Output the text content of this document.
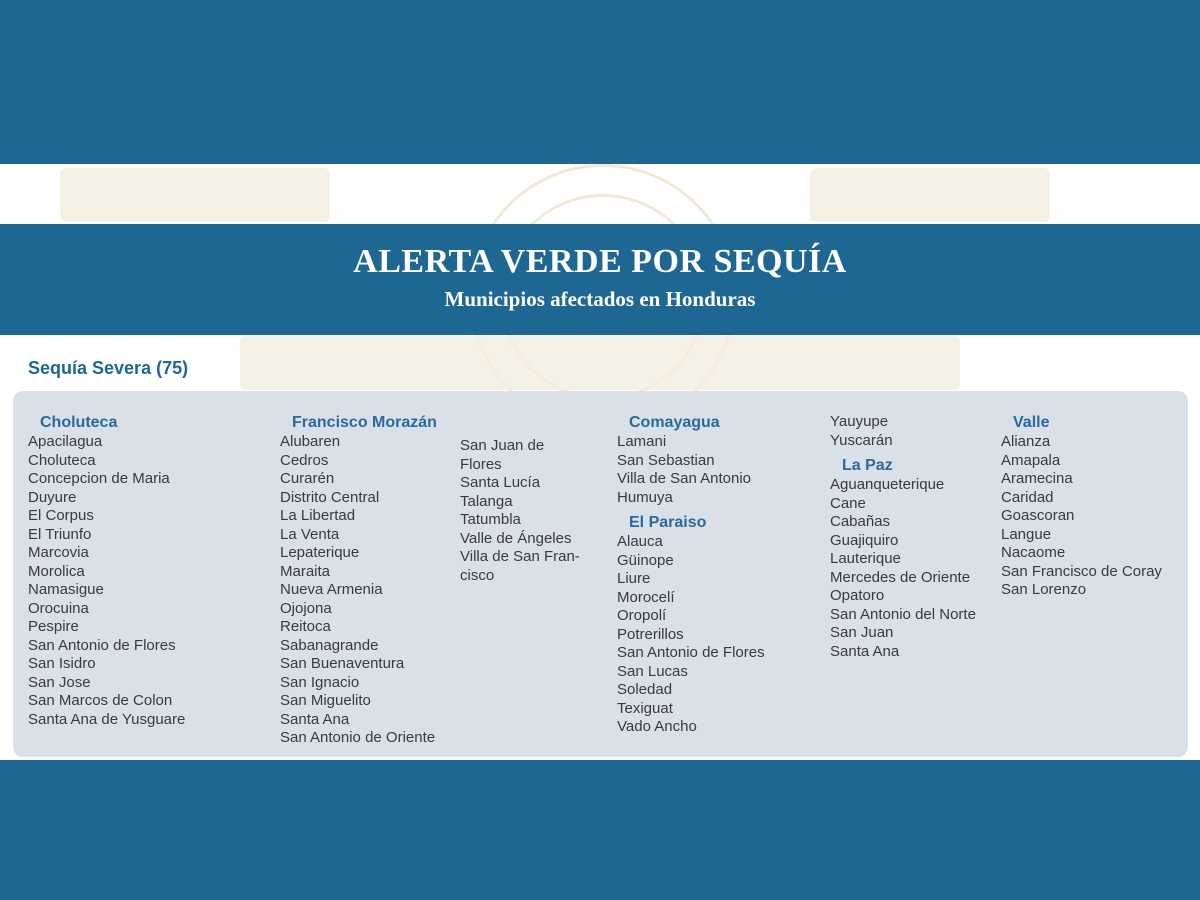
ALERTA VERDE POR SEQUÍA

Municipios afectados en Honduras

Sequía Severa (75)
Choluteca
Apacilagua
Choluteca
Concepcion de Maria
Duyure
El Corpus
El Triunfo
Marcovia
Morolica
Namasigue
Orocuina
Pespire
San Antonio de Flores
San Isidro
San Jose
San Marcos de Colon
Santa Ana de Yusguare
Francisco Morazán
Alubaren
Cedros
Curarén
Distrito Central
La Libertad
La Venta
Lepaterique
Maraita
Nueva Armenia
Ojojona
Reitoca
Sabanagrande
San Buenaventura
San Ignacio
San Miguelito
Santa Ana
San Antonio de Oriente
San Juan de
Flores
Santa Lucía
Talanga
Tatumbla
Valle de Ángeles
Villa de San Fran-
cisco
Comayagua
Lamani
San Sebastian
Villa de San Antonio
Humuya
El Paraiso
Alauca
Güinope
Liure
Morocelí
Oropolí
Potrerillos
San Antonio de Flores
San Lucas
Soledad
Texiguat
Vado Ancho
Yauyupe
Yuscarán
La Paz
Aguanqueterique
Cane
Cabañas
Guajiquiro
Lauterique
Mercedes de Oriente
Opatoro
San Antonio del Norte
San Juan
Santa Ana
Valle
Alianza
Amapala
Aramecina
Caridad
Goascoran
Langue
Nacaome
San Francisco de Coray
San Lorenzo
